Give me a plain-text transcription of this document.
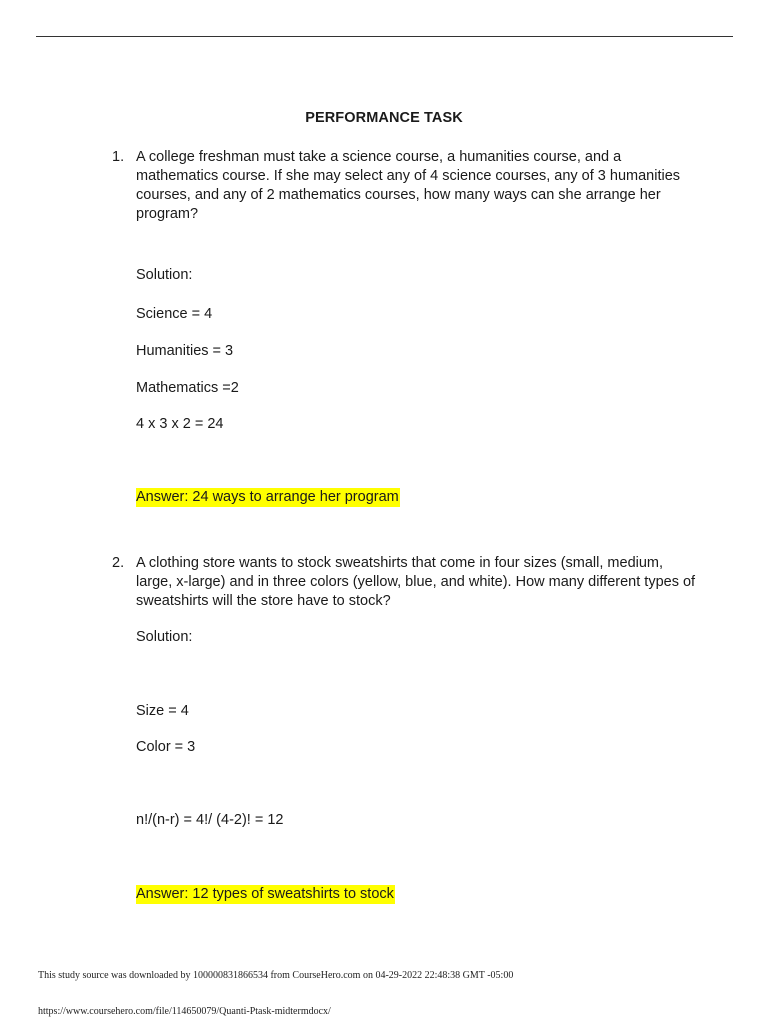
PERFORMANCE TASK
1. A college freshman must take a science course, a humanities course, and a mathematics course. If she may select any of 4 science courses, any of 3 humanities courses, and any of 2 mathematics courses, how many ways can she arrange her program?
Solution:
Science = 4
Humanities = 3
Mathematics =2
4 x 3 x 2 = 24
Answer: 24 ways to arrange her program
2. A clothing store wants to stock sweatshirts that come in four sizes (small, medium, large, x-large) and in three colors (yellow, blue, and white). How many different types of sweatshirts will the store have to stock?
Solution:
Size = 4
Color = 3
n!/(n-r) = 4!/ (4-2)! = 12
Answer: 12 types of sweatshirts to stock
This study source was downloaded by 100000831866534 from CourseHero.com on 04-29-2022 22:48:38 GMT -05:00
https://www.coursehero.com/file/114650079/Quanti-Ptask-midtermdocx/
